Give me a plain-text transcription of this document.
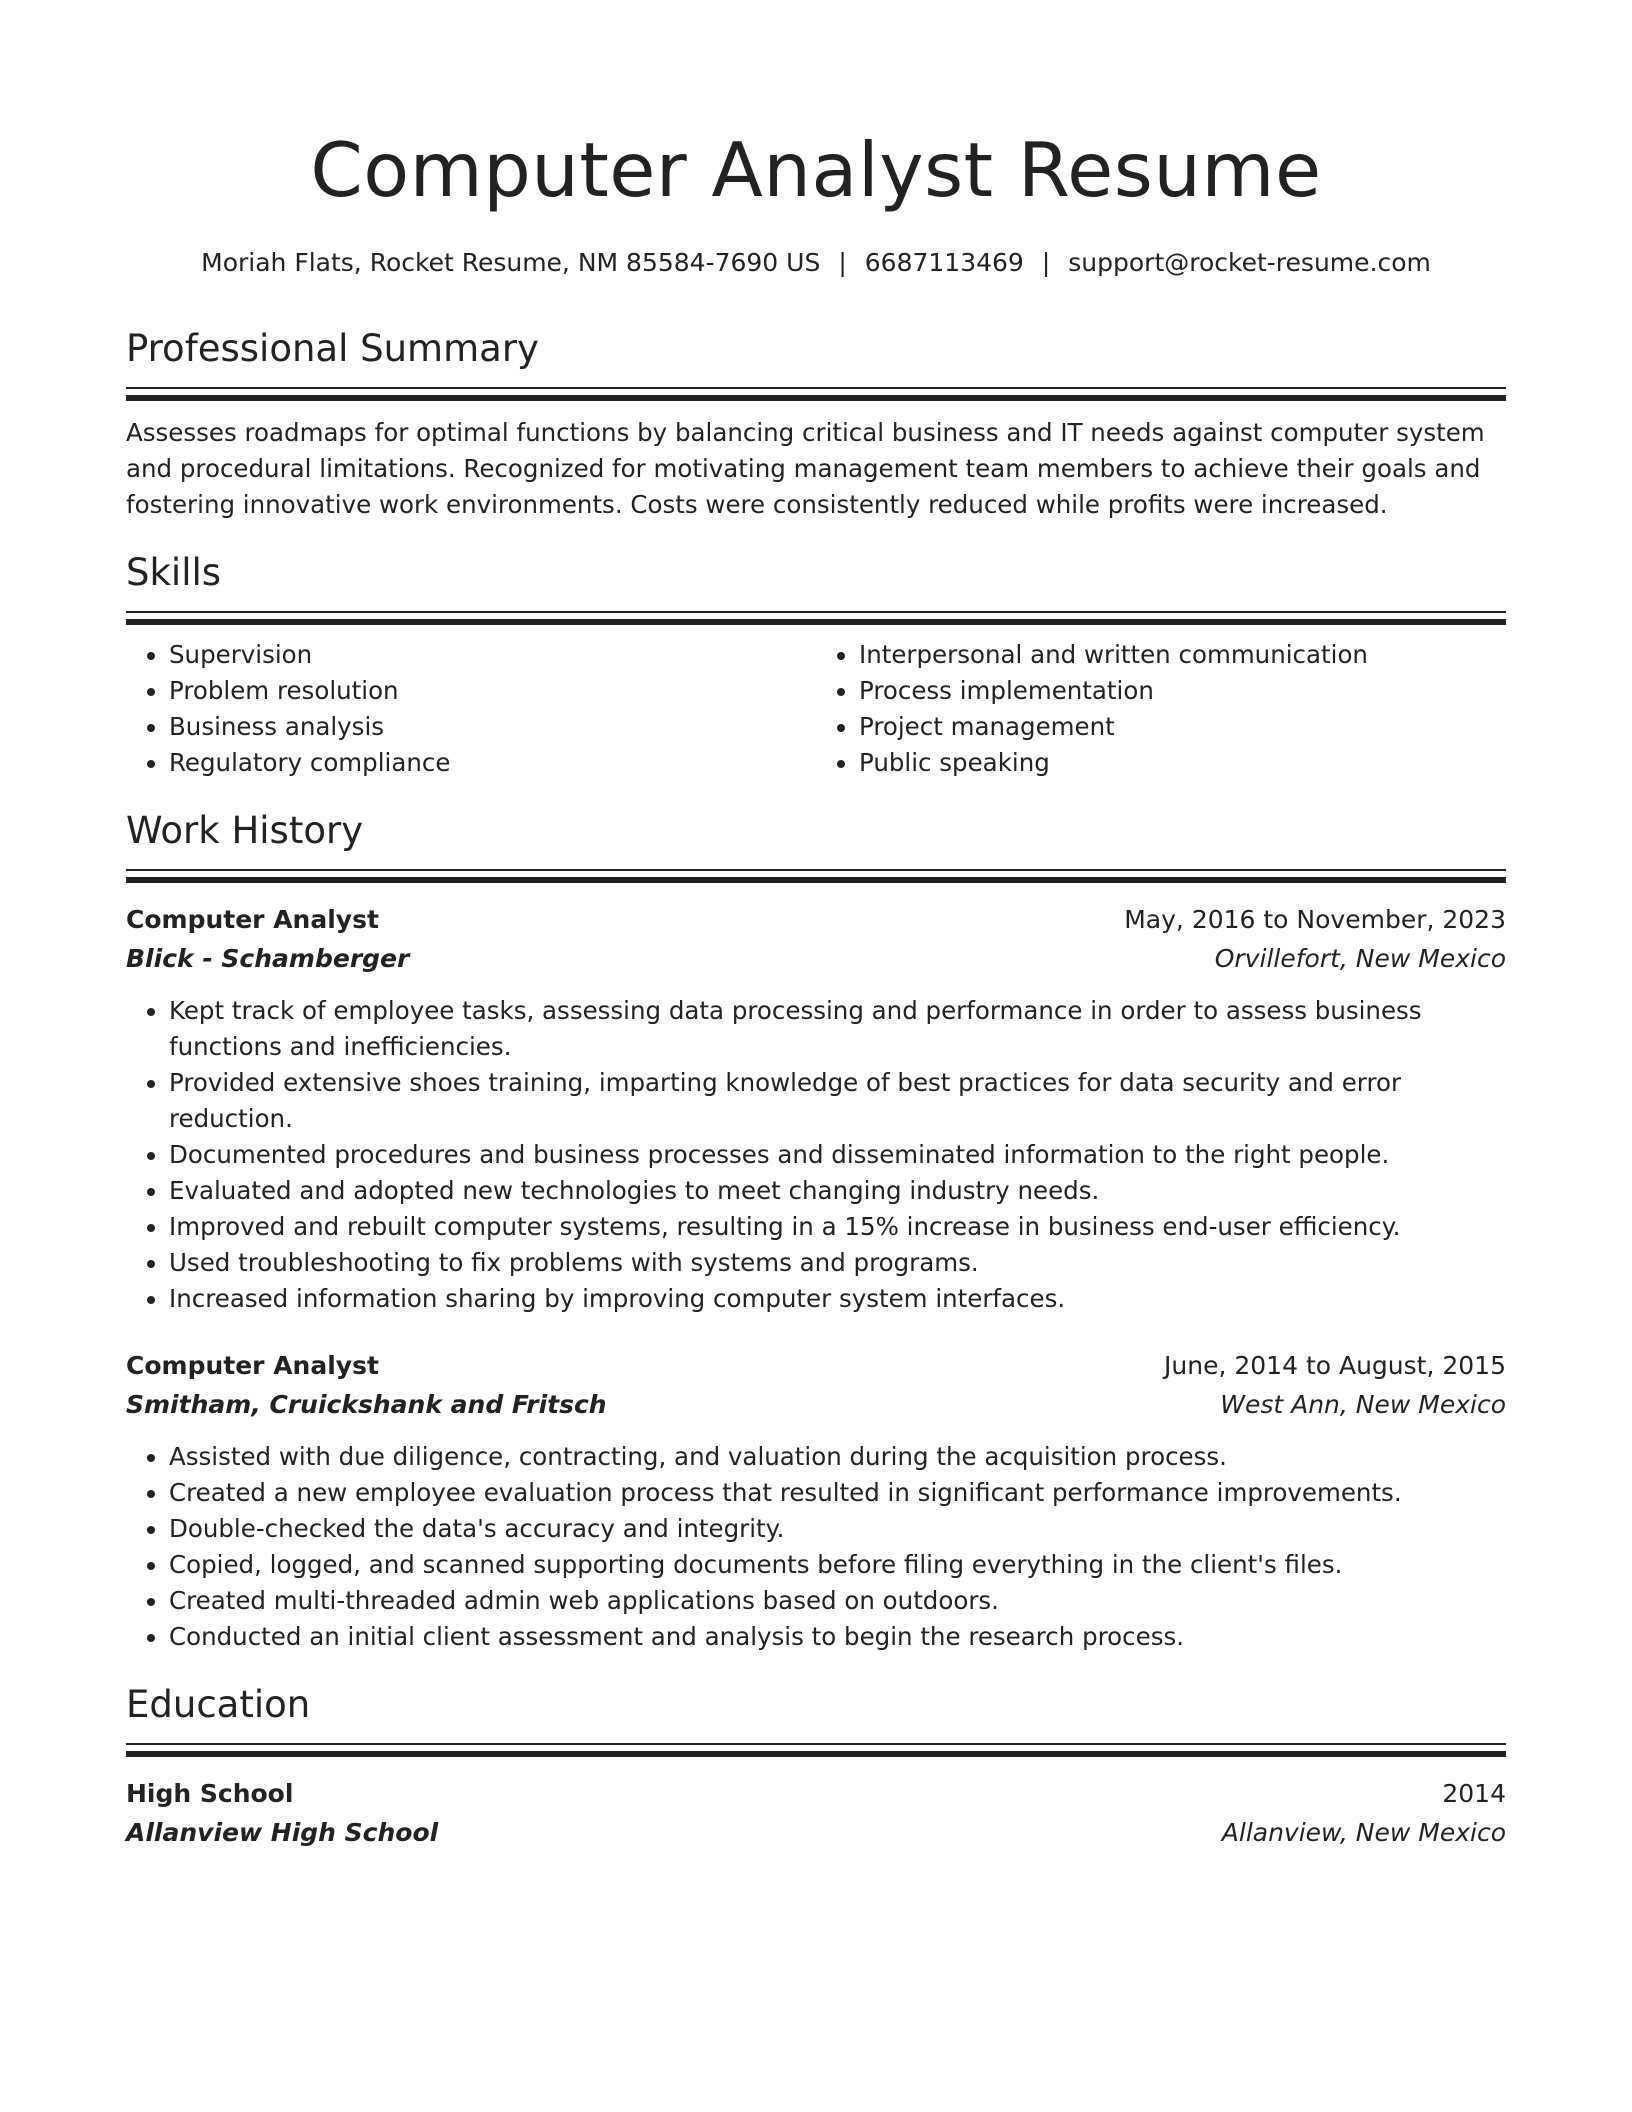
Computer Analyst Resume
Moriah Flats, Rocket Resume, NM 85584-7690 US | 6687113469 | support@rocket-resume.com
Professional Summary
Assesses roadmaps for optimal functions by balancing critical business and IT needs against computer system and procedural limitations. Recognized for motivating management team members to achieve their goals and fostering innovative work environments. Costs were consistently reduced while profits were increased.
Skills
• Supervision
• Problem resolution
• Business analysis
• Regulatory compliance
• Interpersonal and written communication
• Process implementation
• Project management
• Public speaking
Work History
Computer Analyst	May, 2016 to November, 2023
Blick - Schamberger	Orvillefort, New Mexico
• Kept track of employee tasks, assessing data processing and performance in order to assess business functions and inefficiencies.
• Provided extensive shoes training, imparting knowledge of best practices for data security and error reduction.
• Documented procedures and business processes and disseminated information to the right people.
• Evaluated and adopted new technologies to meet changing industry needs.
• Improved and rebuilt computer systems, resulting in a 15% increase in business end-user efficiency.
• Used troubleshooting to fix problems with systems and programs.
• Increased information sharing by improving computer system interfaces.
Computer Analyst	June, 2014 to August, 2015
Smitham, Cruickshank and Fritsch	West Ann, New Mexico
• Assisted with due diligence, contracting, and valuation during the acquisition process.
• Created a new employee evaluation process that resulted in significant performance improvements.
• Double-checked the data's accuracy and integrity.
• Copied, logged, and scanned supporting documents before filing everything in the client's files.
• Created multi-threaded admin web applications based on outdoors.
• Conducted an initial client assessment and analysis to begin the research process.
Education
High School	2014
Allanview High School	Allanview, New Mexico
